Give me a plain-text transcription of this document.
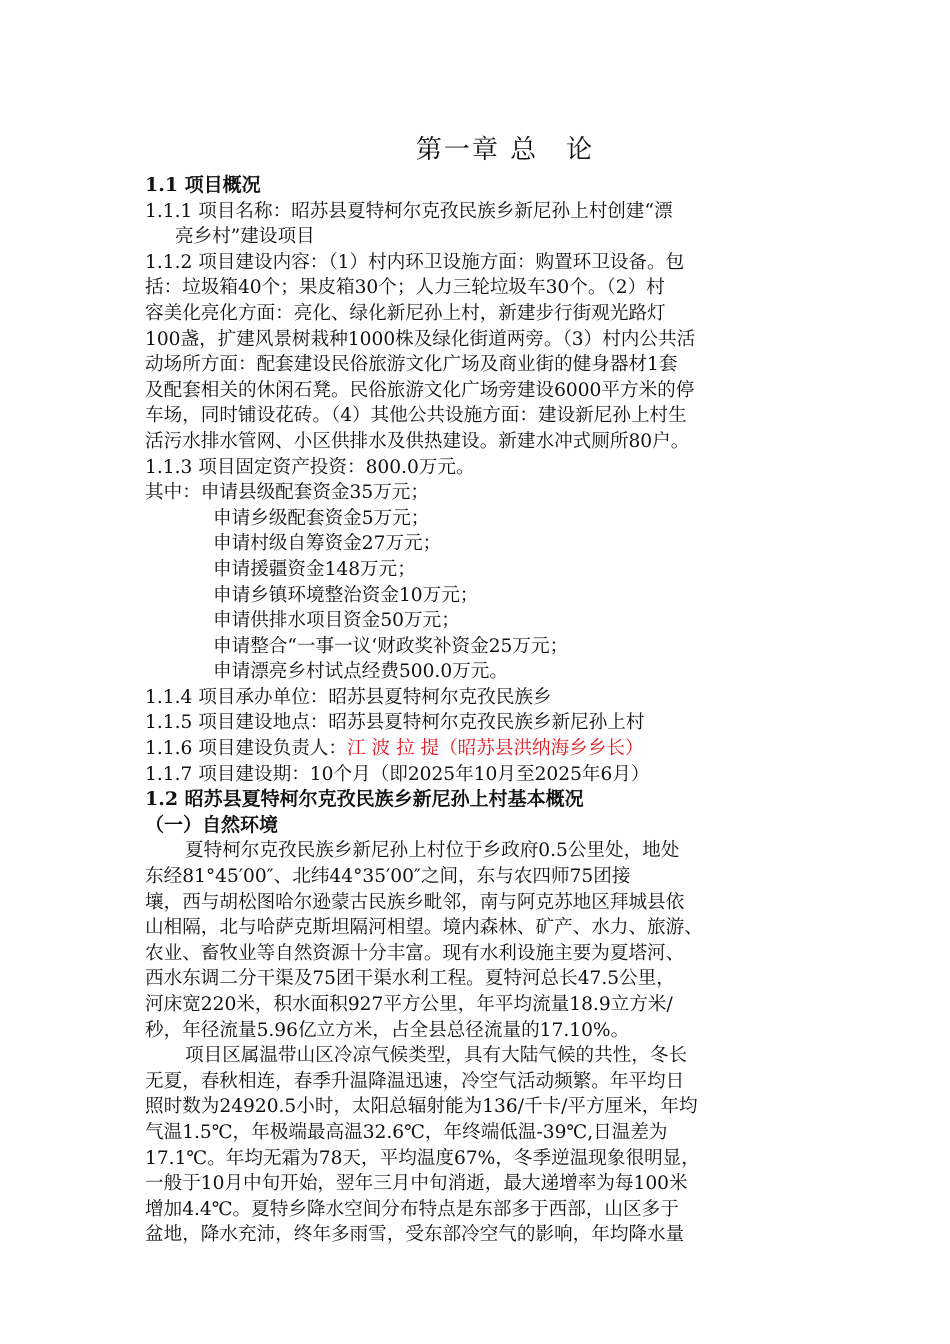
第一章 总　论
1.1 项目概况
1.1.1 项目名称：昭苏县夏特柯尔克孜民族乡新尼孙上村创建“漂
亮乡村”建设项目
1.1.2 项目建设内容：（1）村内环卫设施方面：购置环卫设备。包
括：垃圾箱40个；果皮箱30个；人力三轮垃圾车30个。（2）村
容美化亮化方面：亮化、绿化新尼孙上村，新建步行街观光路灯
100盏，扩建风景树栽种1000株及绿化街道两旁。（3）村内公共活
动场所方面：配套建设民俗旅游文化广场及商业街的健身器材1套
及配套相关的休闲石凳。民俗旅游文化广场旁建设6000平方米的停
车场，同时铺设花砖。（4）其他公共设施方面：建设新尼孙上村生
活污水排水管网、小区供排水及供热建设。新建水冲式厕所80户。
1.1.3 项目固定资产投资：800.0万元。
其中：申请县级配套资金35万元；
申请乡级配套资金5万元；
申请村级自筹资金27万元；
申请援疆资金148万元；
申请乡镇环境整治资金10万元；
申请供排水项目资金50万元；
申请整合“一事一议‘财政奖补资金25万元；
申请漂亮乡村试点经费500.0万元。
1.1.4 项目承办单位：昭苏县夏特柯尔克孜民族乡
1.1.5 项目建设地点：昭苏县夏特柯尔克孜民族乡新尼孙上村
1.1.6 项目建设负责人：江 波 拉 提（昭苏县洪纳海乡乡长）
1.1.7 项目建设期：10个月（即2025年10月至2025年6月）
1.2 昭苏县夏特柯尔克孜民族乡新尼孙上村基本概况
（一）自然环境
夏特柯尔克孜民族乡新尼孙上村位于乡政府0.5公里处，地处
东经81°45′00″、北纬44°35′00″之间，东与农四师75团接
壤，西与胡松图哈尔逊蒙古民族乡毗邻，南与阿克苏地区拜城县依
山相隔，北与哈萨克斯坦隔河相望。境内森林、矿产、水力、旅游、
农业、畜牧业等自然资源十分丰富。现有水利设施主要为夏塔河、
西水东调二分干渠及75团干渠水利工程。夏特河总长47.5公里，
河床宽220米，积水面积927平方公里，年平均流量18.9立方米/
秒，年径流量5.96亿立方米，占全县总径流量的17.10%。
项目区属温带山区冷凉气候类型，具有大陆气候的共性，冬长
无夏，春秋相连，春季升温降温迅速，冷空气活动频繁。年平均日
照时数为24920.5小时，太阳总辐射能为136/千卡/平方厘米，年均
气温1.5℃，年极端最高温32.6℃，年终端低温-39℃,日温差为
17.1℃。年均无霜为78天，平均温度67%，冬季逆温现象很明显，
一般于10月中旬开始，翌年三月中旬消逝，最大递增率为每100米
增加4.4℃。夏特乡降水空间分布特点是东部多于西部，山区多于
盆地，降水充沛，终年多雨雪，受东部冷空气的影响，年均降水量
